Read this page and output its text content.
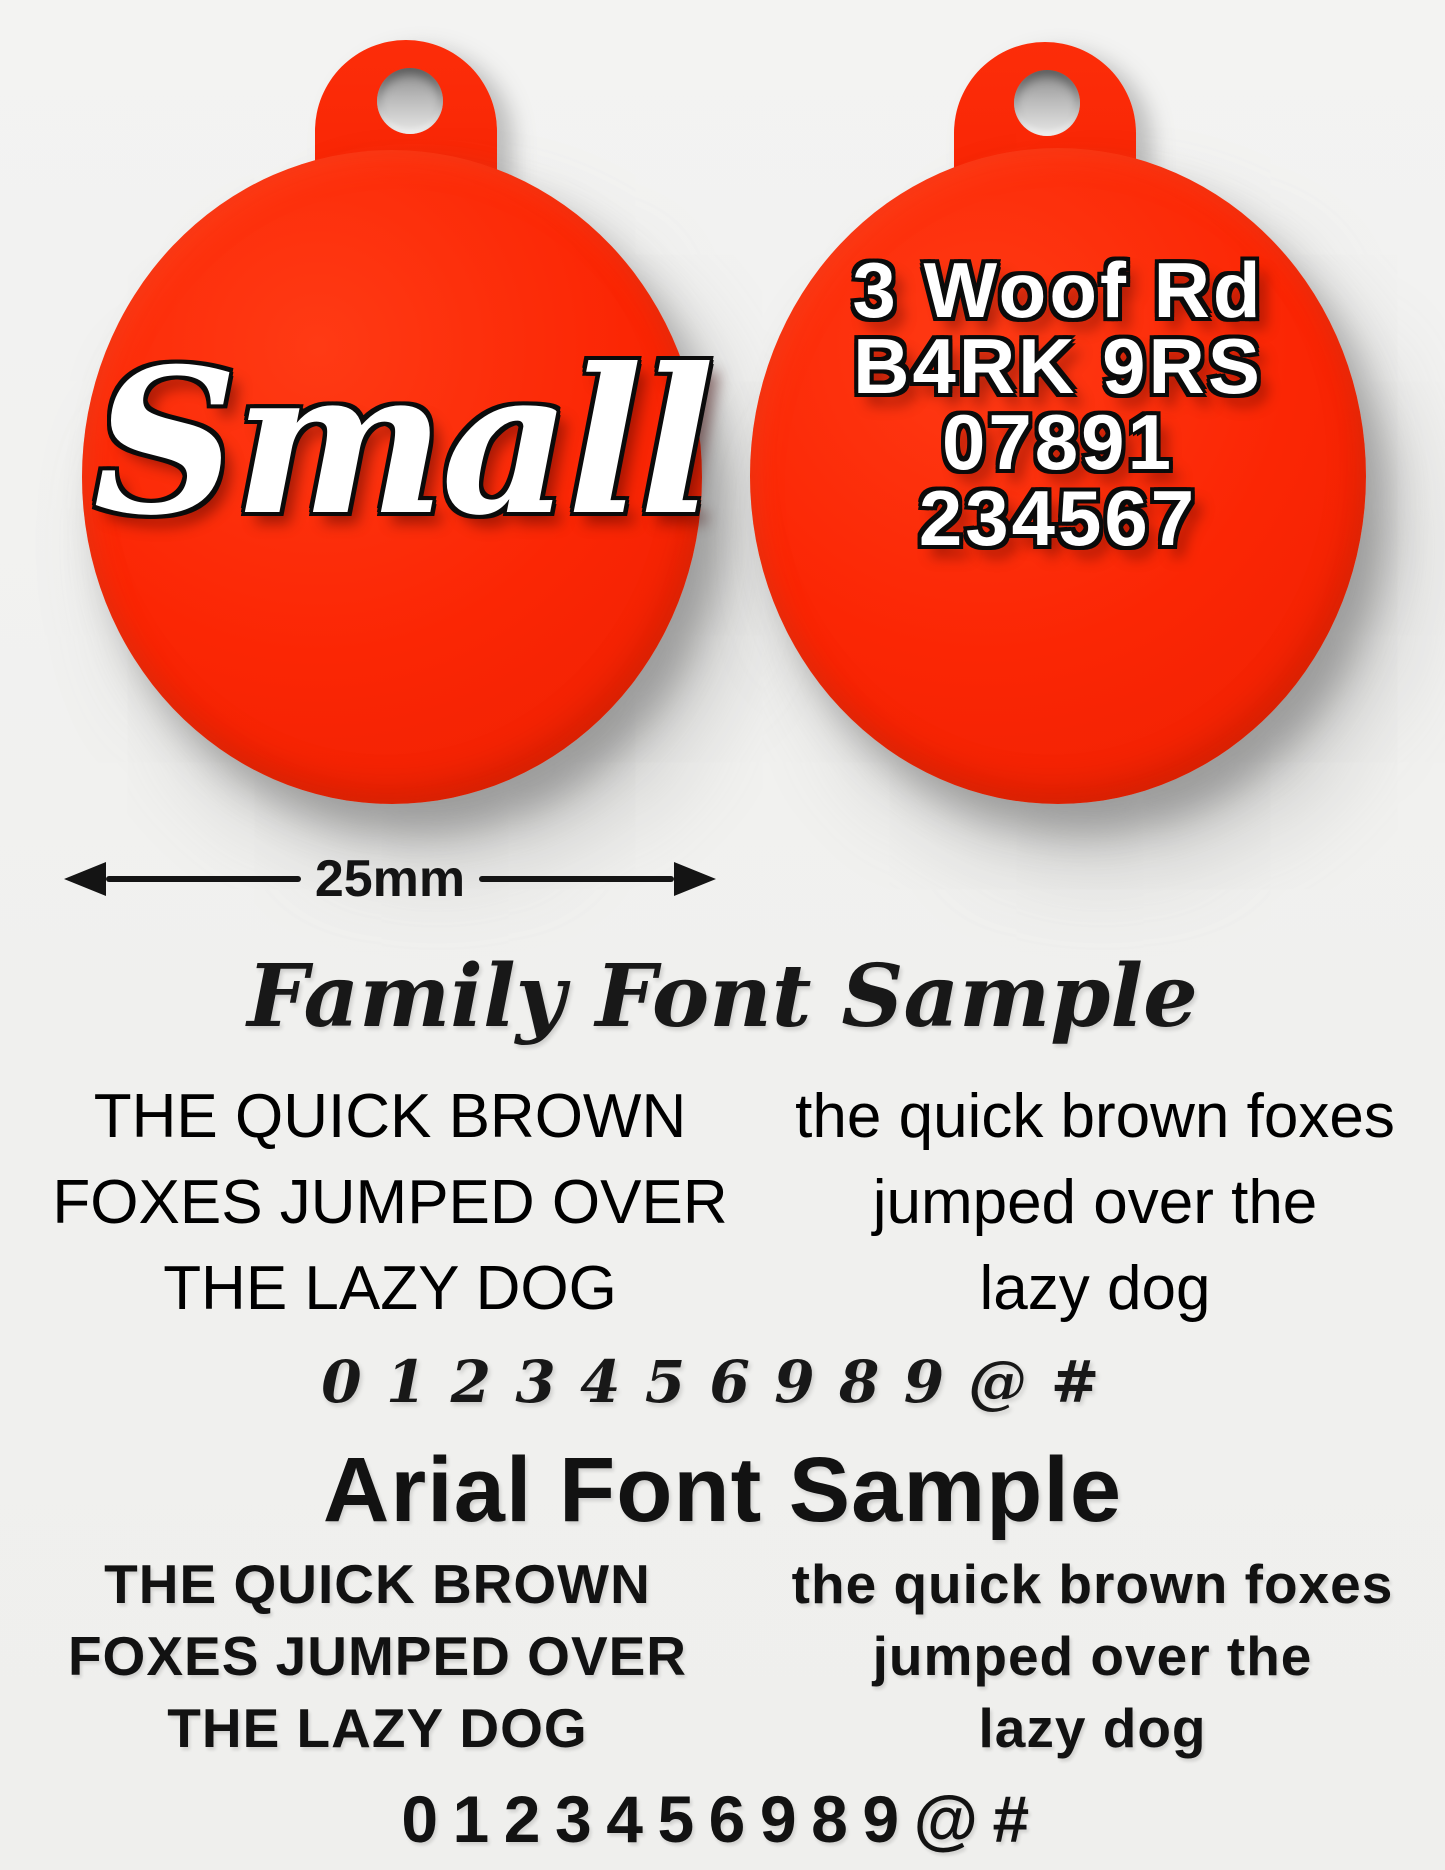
Small
3 Woof Rd
B4RK 9RS
07891
234567
25mm
Family Font Sample
THE QUICK BROWN
FOXES JUMPED OVER
THE LAZY DOG
the quick brown foxes
jumped over the
lazy dog
0123456989@#
Arial Font Sample
THE QUICK BROWN
FOXES JUMPED OVER
THE LAZY DOG
the quick brown foxes
jumped over the
lazy dog
0123456989@#
